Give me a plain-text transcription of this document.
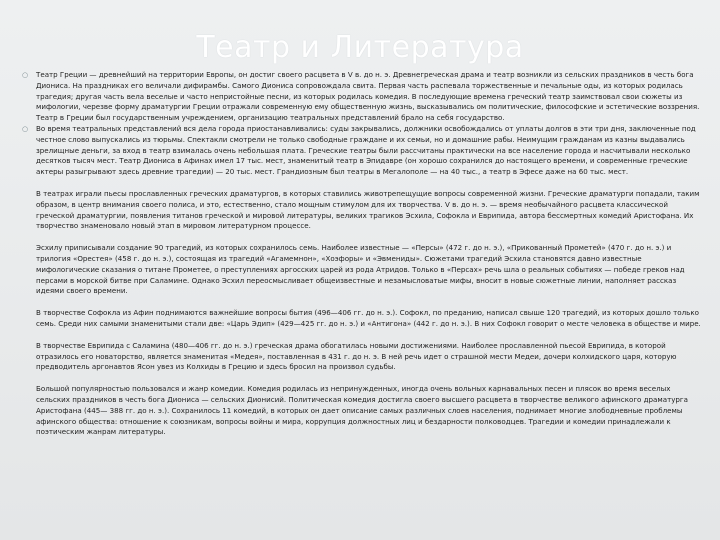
Театр и Литература

○ Театр Греции — древнейший на территории Европы, он достиг своего расцвета в V в. до н. э. Древнегреческая драма и театр возникли из сельских праздников в честь бога Диониса. На праздниках его величали дифирамбы. Самого Диониса сопровождала свита. Первая часть распевала торжественные и печальные оды, из которых родилась трагедия; другая часть вела веселые и часто непристойные песни, из которых родилась комедия. В последующие времена греческий театр заимствовал свои сюжеты из мифологии, черезве форму драматургии Греции отражали современную ему общественную жизнь, высказывались ом политические, философские и эстетические воззрения. Театр в Греции был государственным учреждением, организацию театральных представлений брало на себя государство.

○ Во время театральных представлений вся дела города приостанавливались: суды закрывались, должники освобождались от уплаты долгов в эти три дня, заключенные под честное слово выпускались из тюрьмы. Спектакли смотрели не только свободные граждане и их семьи, но и домашние рабы. Неимущим гражданам из казны выдавались зрелищные деньги, за вход в театр взималась очень небольшая плата. Греческие театры были рассчитаны практически на все население города и насчитывали несколько десятков тысяч мест. Театр Диониса в Афинах имел 17 тыс. мест, знаменитый театр в Эпидавре (он хорошо сохранился до настоящего времени, и современные греческие актеры разыгрывают здесь древние трагедии) — 20 тыс. мест. Грандиозным был театры в Мегалополе — на 40 тыс., а театр в Эфесе даже на 60 тыс. мест.

В театрах играли пьесы прославленных греческих драматургов, в которых ставились животрепещущие вопросы современной жизни. Греческие драматурги попадали, таким образом, в центр внимания своего полиса, и это, естественно, стало мощным стимулом для их творчества. V в. до н. э. — время необычайного расцвета классической греческой драматургии, появления титанов греческой и мировой литературы, великих трагиков Эсхила, Софокла и Еврипида, автора бессмертных комедий Аристофана. Их творчество знаменовало новый этап в мировом литературном процессе.

Эсхилу приписывали создание 90 трагедий, из которых сохранилось семь. Наиболее известные — «Персы» (472 г. до н. э.), «Прикованный Прометей» (470 г. до н. э.) и трилогия «Орестея» (458 г. до н. э.), состоящая из трагедий «Агамемнон», «Хоэфоры» и «Эвмениды». Сюжетами трагедий Эсхила становятся давно известные мифологические сказания о титане Прометее, о преступлениях аргосских царей из рода Атридов. Только в «Персах» речь шла о реальных событиях — победе греков над персами в морской битве при Саламине. Однако Эсхил переосмысливает общеизвестные и незамысловатые мифы, вносит в новые сюжетные линии, наполняет рассказ идеями своего времени.

В творчестве Софокла из Афин поднимаются важнейшие вопросы бытия (496—406 гг. до н. э.). Софокл, по преданию, написал свыше 120 трагедий, из которых дошло только семь. Среди них самыми знаменитыми стали две: «Царь Эдип» (429—425 гг. до н. э.) и «Антигона» (442 г. до н. э.). В них Софокл говорит о месте человека в обществе и мире.

В творчестве Еврипида с Саламина (480—406 гг. до н. э.) греческая драма обогатилась новыми достижениями. Наиболее прославленной пьесой Еврипида, в которой отразилось его новаторство, является знаменитая «Медея», поставленная в 431 г. до н. э. В ней речь идет о страшной мести Медеи, дочери колхидского царя, которую предводитель аргонавтов Ясон увез из Колхиды в Грецию и здесь бросил на произвол судьбы.

Большой популярностью пользовался и жанр комедии. Комедия родилась из непринужденных, иногда очень вольных карнавальных песен и плясок во время веселых сельских праздников в честь бога Диониса — сельских Дионисий. Политическая комедия достигла своего высшего расцвета в творчестве великого афинского драматурга Аристофана (445— 388 гг. до н. э.). Сохранилось 11 комедий, в которых он дает описание самых различных слоев населения, поднимает многие злободневные проблемы афинского общества: отношение к союзникам, вопросы войны и мира, коррупция должностных лиц и бездарности полководцев. Трагедии и комедии принадлежали к поэтическим жанрам литературы.
